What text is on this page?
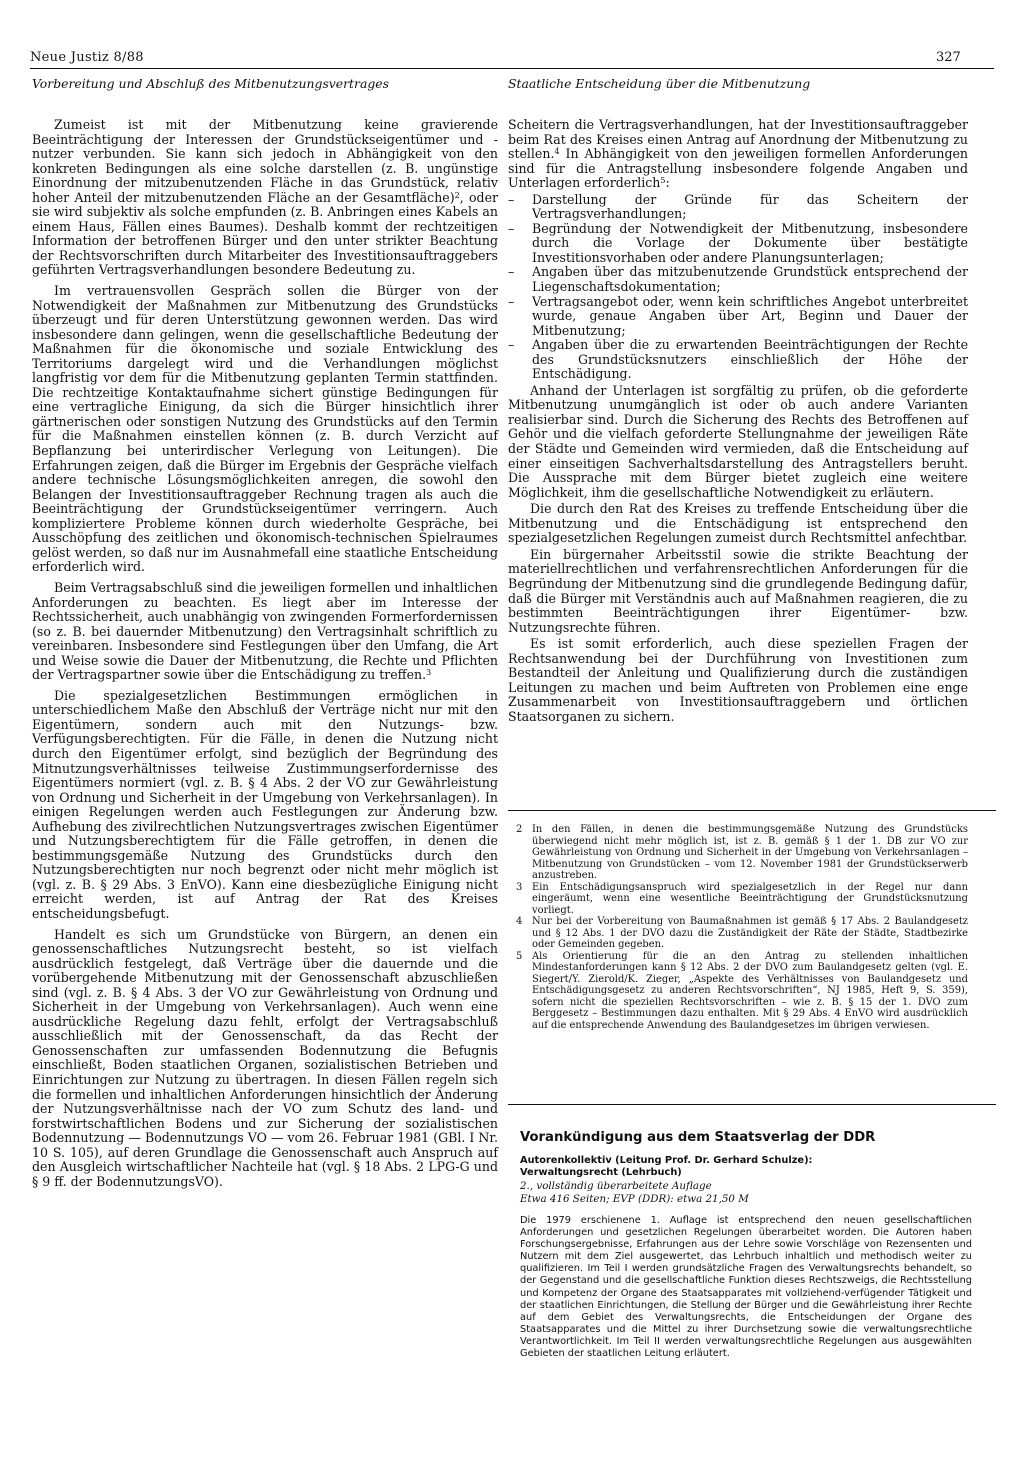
Neue Justiz 8/88	327
Vorbereitung und Abschluß des Mitbenutzungsvertrages	Staatliche Entscheidung über die Mitbenutzung

Zumeist ist mit der Mitbenutzung keine gravierende Beeinträchtigung der Interessen der Grundstückseigentümer und -nutzer verbunden. Sie kann sich jedoch in Abhängigkeit von den konkreten Bedingungen als eine solche darstellen (z. B. ungünstige Einordnung der mitzubenutzenden Fläche in das Grundstück, relativ hoher Anteil der mitzubenutzenden Fläche an der Gesamtfläche)$^2$, oder sie wird subjektiv als solche empfunden (z. B. Anbringen eines Kabels an einem Haus, Fällen eines Baumes). Deshalb kommt der rechtzeitigen Information der betroffenen Bürger und den unter strikter Beachtung der Rechtsvorschriften durch Mitarbeiter des Investitionsauftraggebers geführten Vertragsverhandlungen besondere Bedeutung zu.

Im vertrauensvollen Gespräch sollen die Bürger von der Notwendigkeit der Maßnahmen zur Mitbenutzung des Grundstücks überzeugt und für deren Unterstützung gewonnen werden. Das wird insbesondere dann gelingen, wenn die gesellschaftliche Bedeutung der Maßnahmen für die ökonomische und soziale Entwicklung des Territoriums dargelegt wird und die Verhandlungen möglichst langfristig vor dem für die Mitbenutzung geplanten Termin stattfinden. Die rechtzeitige Kontaktaufnahme sichert günstige Bedingungen für eine vertragliche Einigung, da sich die Bürger hinsichtlich ihrer gärtnerischen oder sonstigen Nutzung des Grundstücks auf den Termin für die Maßnahmen einstellen können (z. B. durch Verzicht auf Bepflanzung bei unterirdischer Verlegung von Leitungen). Die Erfahrungen zeigen, daß die Bürger im Ergebnis der Gespräche vielfach andere technische Lösungsmöglichkeiten anregen, die sowohl den Belangen der Investitionsauftraggeber Rechnung tragen als auch die Beeinträchtigung der Grundstückseigentümer verringern. Auch kompliziertere Probleme können durch wiederholte Gespräche, bei Ausschöpfung des zeitlichen und ökonomisch-technischen Spielraumes gelöst werden, so daß nur im Ausnahmefall eine staatliche Entscheidung erforderlich wird.

Beim Vertragsabschluß sind die jeweiligen formellen und inhaltlichen Anforderungen zu beachten. Es liegt aber im Interesse der Rechtssicherheit, auch unabhängig von zwingenden Formerfordernissen (so z. B. bei dauernder Mitbenutzung) den Vertragsinhalt schriftlich zu vereinbaren. Insbesondere sind Festlegungen über den Umfang, die Art und Weise sowie die Dauer der Mitbenutzung, die Rechte und Pflichten der Vertragspartner sowie über die Entschädigung zu treffen.$^3$

Die spezialgesetzlichen Bestimmungen ermöglichen in unterschiedlichem Maße den Abschluß der Verträge nicht nur mit den Eigentümern, sondern auch mit den Nutzungs- bzw. Verfügungsberechtigten. Für die Fälle, in denen die Nutzung nicht durch den Eigentümer erfolgt, sind bezüglich der Begründung des Mitnutzungsverhältnisses teilweise Zustimmungserfordernisse des Eigentümers normiert (vgl. z. B. § 4 Abs. 2 der VO zur Gewährleistung von Ordnung und Sicherheit in der Umgebung von Verkehrsanlagen). In einigen Regelungen werden auch Festlegungen zur Änderung bzw. Aufhebung des zivilrechtlichen Nutzungsvertrages zwischen Eigentümer und Nutzungsberechtigtem für die Fälle getroffen, in denen die bestimmungsgemäße Nutzung des Grundstücks durch den Nutzungsberechtigten nur noch begrenzt oder nicht mehr möglich ist (vgl. z. B. § 29 Abs. 3 EnVO). Kann eine diesbezügliche Einigung nicht erreicht werden, ist auf Antrag der Rat des Kreises entscheidungsbefugt.

Handelt es sich um Grundstücke von Bürgern, an denen ein genossenschaftliches Nutzungsrecht besteht, so ist vielfach ausdrücklich festgelegt, daß Verträge über die dauernde und die vorübergehende Mitbenutzung mit der Genossenschaft abzuschließen sind (vgl. z. B. § 4 Abs. 3 der VO zur Gewährleistung von Ordnung und Sicherheit in der Umgebung von Verkehrsanlagen). Auch wenn eine ausdrückliche Regelung dazu fehlt, erfolgt der Vertragsabschluß ausschließlich mit der Genossenschaft, da das Recht der Genossenschaften zur umfassenden Bodennutzung die Befugnis einschließt, Boden staatlichen Organen, sozialistischen Betrieben und Einrichtungen zur Nutzung zu übertragen. In diesen Fällen regeln sich die formellen und inhaltlichen Anforderungen hinsichtlich der Änderung der Nutzungsverhältnisse nach der VO zum Schutz des land- und forstwirtschaftlichen Bodens und zur Sicherung der sozialistischen Bodennutzung — Bodennutzungs VO — vom 26. Februar 1981 (GBl. I Nr. 10 S. 105), auf deren Grundlage die Genossenschaft auch Anspruch auf den Ausgleich wirtschaftlicher Nachteile hat (vgl. § 18 Abs. 2 LPG-G und § 9 ff. der BodennutzungsVO).

Scheitern die Vertragsverhandlungen, hat der Investitionsauftraggeber beim Rat des Kreises einen Antrag auf Anordnung der Mitbenutzung zu stellen.$^4$ In Abhängigkeit von den jeweiligen formellen Anforderungen sind für die Antragstellung insbesondere folgende Angaben und Unterlagen erforderlich$^5$:

– Darstellung der Gründe für das Scheitern der Vertragsverhandlungen;
– Begründung der Notwendigkeit der Mitbenutzung, insbesondere durch die Vorlage der Dokumente über bestätigte Investitionsvorhaben oder andere Planungsunterlagen;
– Angaben über das mitzubenutzende Grundstück entsprechend der Liegenschaftsdokumentation;
– Vertragsangebot oder, wenn kein schriftliches Angebot unterbreitet wurde, genaue Angaben über Art, Beginn und Dauer der Mitbenutzung;
– Angaben über die zu erwartenden Beeinträchtigungen der Rechte des Grundstücksnutzers einschließlich der Höhe der Entschädigung.

Anhand der Unterlagen ist sorgfältig zu prüfen, ob die geforderte Mitbenutzung unumgänglich ist oder ob auch andere Varianten realisierbar sind. Durch die Sicherung des Rechts des Betroffenen auf Gehör und die vielfach geforderte Stellungnahme der jeweiligen Räte der Städte und Gemeinden wird vermieden, daß die Entscheidung auf einer einseitigen Sachverhaltsdarstellung des Antragstellers beruht. Die Aussprache mit dem Bürger bietet zugleich eine weitere Möglichkeit, ihm die gesellschaftliche Notwendigkeit zu erläutern.

Die durch den Rat des Kreises zu treffende Entscheidung über die Mitbenutzung und die Entschädigung ist entsprechend den spezialgesetzlichen Regelungen zumeist durch Rechtsmittel anfechtbar.

Ein bürgernaher Arbeitsstil sowie die strikte Beachtung der materiellrechtlichen und verfahrensrechtlichen Anforderungen für die Begründung der Mitbenutzung sind die grundlegende Bedingung dafür, daß die Bürger mit Verständnis auch auf Maßnahmen reagieren, die zu bestimmten Beeinträchtigungen ihrer Eigentümer- bzw. Nutzungsrechte führen.

Es ist somit erforderlich, auch diese speziellen Fragen der Rechtsanwendung bei der Durchführung von Investitionen zum Bestandteil der Anleitung und Qualifizierung durch die zuständigen Leitungen zu machen und beim Auftreten von Problemen eine enge Zusammenarbeit von Investitionsauftraggebern und örtlichen Staatsorganen zu sichern.

2 In den Fällen, in denen die bestimmungsgemäße Nutzung des Grundstücks überwiegend nicht mehr möglich ist, ist z. B. gemäß § 1 der 1. DB zur VO zur Gewährleistung von Ordnung und Sicherheit in der Umgebung von Verkehrsanlagen – Mitbenutzung von Grundstücken – vom 12. November 1981 der Grundstückserwerb anzustreben.
3 Ein Entschädigungsanspruch wird spezialgesetzlich in der Regel nur dann eingeräumt, wenn eine wesentliche Beeinträchtigung der Grundstücksnutzung vorliegt.
4 Nur bei der Vorbereitung von Baumaßnahmen ist gemäß § 17 Abs. 2 Baulandgesetz und § 12 Abs. 1 der DVO dazu die Zuständigkeit der Räte der Städte, Stadtbezirke oder Gemeinden gegeben.
5 Als Orientierung für die an den Antrag zu stellenden inhaltlichen Mindestanforderungen kann § 12 Abs. 2 der DVO zum Baulandgesetz gelten (vgl. E. Siegert/Y. Zierold/K. Zieger, „Aspekte des Verhältnisses von Baulandgesetz und Entschädigungsgesetz zu anderen Rechtsvorschriften“, NJ 1985, Heft 9, S. 359), sofern nicht die speziellen Rechtsvorschriften – wie z. B. § 15 der 1. DVO zum Berggesetz – Bestimmungen dazu enthalten. Mit § 29 Abs. 4 EnVO wird ausdrücklich auf die entsprechende Anwendung des Baulandgesetzes im übrigen verwiesen.
Vorankündigung aus dem Staatsverlag der DDR
Autorenkollektiv (Leitung Prof. Dr. Gerhard Schulze):
Verwaltungsrecht (Lehrbuch)
2., vollständig überarbeitete Auflage
Etwa 416 Seiten; EVP (DDR): etwa 21,50 M
Die 1979 erschienene 1. Auflage ist entsprechend den neuen gesellschaftlichen Anforderungen und gesetzlichen Regelungen überarbeitet worden. Die Autoren haben Forschungsergebnisse, Erfahrungen aus der Lehre sowie Vorschläge von Rezensenten und Nutzern mit dem Ziel ausgewertet, das Lehrbuch inhaltlich und methodisch weiter zu qualifizieren. Im Teil I werden grundsätzliche Fragen des Verwaltungsrechts behandelt, so der Gegenstand und die gesellschaftliche Funktion dieses Rechtszweigs, die Rechtsstellung und Kompetenz der Organe des Staatsapparates mit vollziehend-verfügender Tätigkeit und der staatlichen Einrichtungen, die Stellung der Bürger und die Gewährleistung ihrer Rechte auf dem Gebiet des Verwaltungsrechts, die Entscheidungen der Organe des Staatsapparates und die Mittel zu ihrer Durchsetzung sowie die verwaltungsrechtliche Verantwortlichkeit. Im Teil II werden verwaltungsrechtliche Regelungen aus ausgewählten Gebieten der staatlichen Leitung erläutert.
